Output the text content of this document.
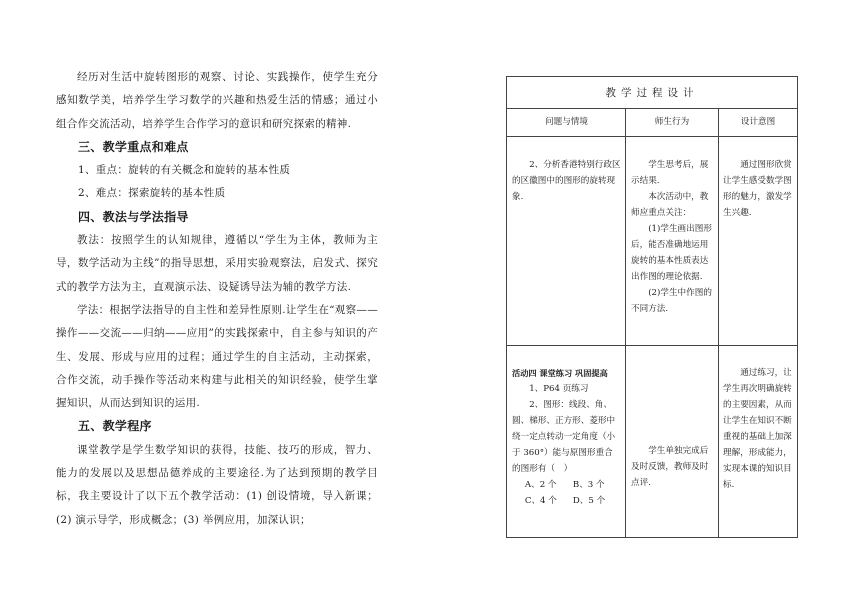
经历对生活中旋转图形的观察、讨论、实践操作，使学生充分感知数学美，培养学生学习数学的兴趣和热爱生活的情感；通过小组合作交流活动，培养学生合作学习的意识和研究探索的精神.

三、教学重点和难点

1、重点：旋转的有关概念和旋转的基本性质

2、难点：探索旋转的基本性质

四、教法与学法指导

教法：按照学生的认知规律，遵循以“学生为主体，教师为主导，数学活动为主线”的指导思想，采用实验观察法，启发式、探究式的教学方法为主，直观演示法、设疑诱导法为辅的教学方法.

学法：根据学法指导的自主性和差异性原则.让学生在“观察——操作——交流——归纳——应用”的实践探索中，自主参与知识的产生、发展、形成与应用的过程；通过学生的自主活动，主动探索，合作交流，动手操作等活动来构建与此相关的知识经验，使学生掌握知识，从而达到知识的运用.

五、教学程序

课堂教学是学生数学知识的获得，技能、技巧的形成，智力、能力的发展以及思想品德养成的主要途径.为了达到预期的教学目标，我主要设计了以下五个教学活动：(1) 创设情境，导入新课；(2) 演示导学，形成概念；(3) 举例应用，加深认识；

教学过程设计
问题与情境	师生行为	设计意图

2、分析香港特别行政区的区徽图中的图形的旋转现象.

学生思考后，展示结果.

本次活动中，教师应重点关注：

(1)学生画出图形后，能否准确地运用旋转的基本性质表达出作图的理论依据.

(2)学生中作图的不同方法.

通过图形欣赏让学生感受数学图形的魅力，激发学生兴趣.

活动四 课堂练习 巩固提高

1、P64 页练习

2、图形：线段、角、圆、梯形、正方形、菱形中绕一定点转动一定角度（小于 360°）能与原图形重合的图形有（　）

A、2 个 B、3 个

C、4 个 D、5 个

学生单独完成后及时反馈，教师及时点评.

通过练习，让学生再次明确旋转的主要因素，从而让学生在知识不断重视的基础上加深理解，形成能力，实现本课的知识目标.
